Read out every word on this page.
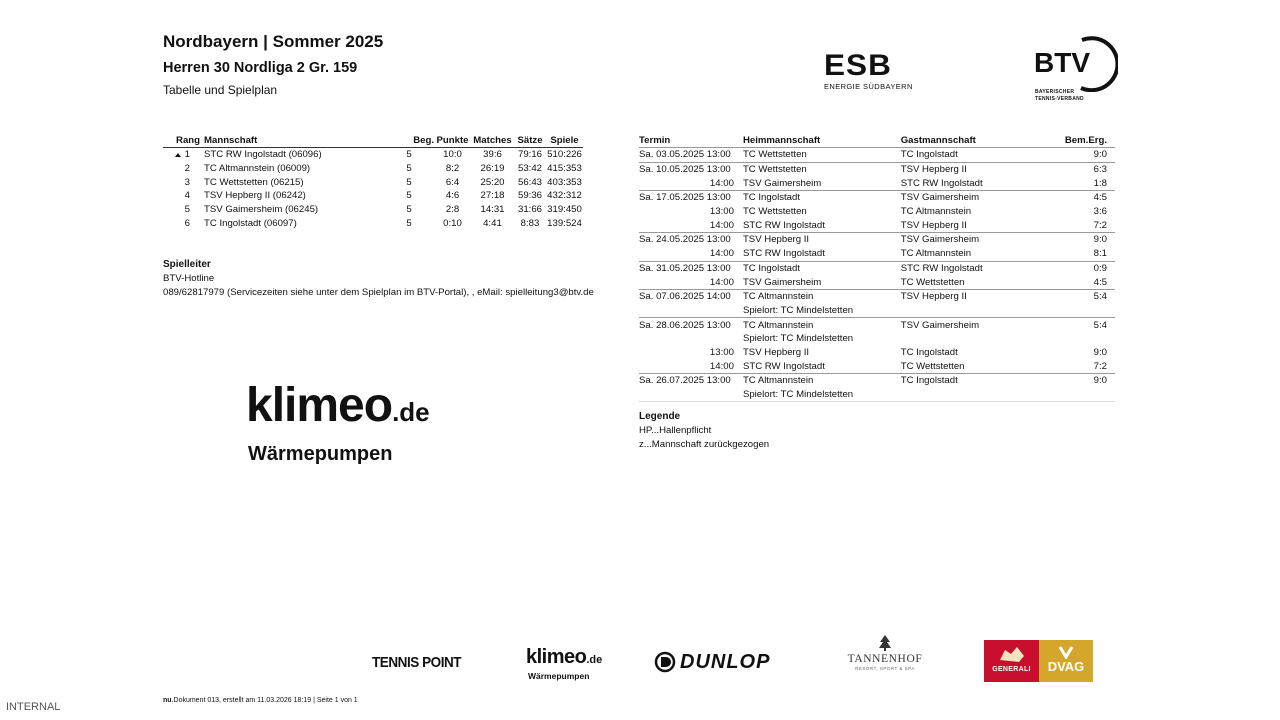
Nordbayern | Sommer 2025
Herren 30 Nordliga 2 Gr. 159
Tabelle und Spielplan
ESB
ENERGIE SÜDBAYERN
BTV
BAYERISCHER
TENNIS-VERBAND
Rang	Mannschaft	Beg.	Punkte	Matches	Sätze	Spiele
1	STC RW Ingolstadt (06096)	5	10:0	39:6	79:16	510:226
2	TC Altmannstein (06009)	5	8:2	26:19	53:42	415:353
3	TC Wettstetten (06215)	5	6:4	25:20	56:43	403:353
4	TSV Hepberg II (06242)	5	4:6	27:18	59:36	432:312
5	TSV Gaimersheim (06245)	5	2:8	14:31	31:66	319:450
6	TC Ingolstadt (06097)	5	0:10	4:41	8:83	139:524
Spielleiter
BTV-Hotline
089/62817979 (Servicezeiten siehe unter dem Spielplan im BTV-Portal), , eMail: spielleitung3@btv.de
klimeo.de
Wärmepumpen
Termin	Heimmannschaft	Gastmannschaft	Bem.	Erg.
Sa. 03.05.2025 13:00	TC Wettstetten	TC Ingolstadt		9:0
Sa. 10.05.2025 13:00	TC Wettstetten	TSV Hepberg II		6:3
14:00	TSV Gaimersheim	STC RW Ingolstadt		1:8
Sa. 17.05.2025 13:00	TC Ingolstadt	TSV Gaimersheim		4:5
13:00	TC Wettstetten	TC Altmannstein		3:6
14:00	STC RW Ingolstadt	TSV Hepberg II		7:2
Sa. 24.05.2025 13:00	TSV Hepberg II	TSV Gaimersheim		9:0
14:00	STC RW Ingolstadt	TC Altmannstein		8:1
Sa. 31.05.2025 13:00	TC Ingolstadt	STC RW Ingolstadt		0:9
14:00	TSV Gaimersheim	TC Wettstetten		4:5
Sa. 07.06.2025 14:00	TC Altmannstein	TSV Hepberg II		5:4
	Spielort: TC Mindelstetten			
Sa. 28.06.2025 13:00	TC Altmannstein	TSV Gaimersheim		5:4
	Spielort: TC Mindelstetten			
13:00	TSV Hepberg II	TC Ingolstadt		9:0
14:00	STC RW Ingolstadt	TC Wettstetten		7:2
Sa. 26.07.2025 13:00	TC Altmannstein	TC Ingolstadt		9:0
	Spielort: TC Mindelstetten			
Legende
HP...Hallenpflicht
z...Mannschaft zurückgezogen
TENNIS POINT	klimeo.de
Wärmepumpen
DUNLOP	TANNENHOF
RESORT, SPORT & SPA	GENERALI	DVAG
nu.Dokument 013, erstellt am 11.03.2026 18:19 | Seite 1 von 1
INTERNAL
